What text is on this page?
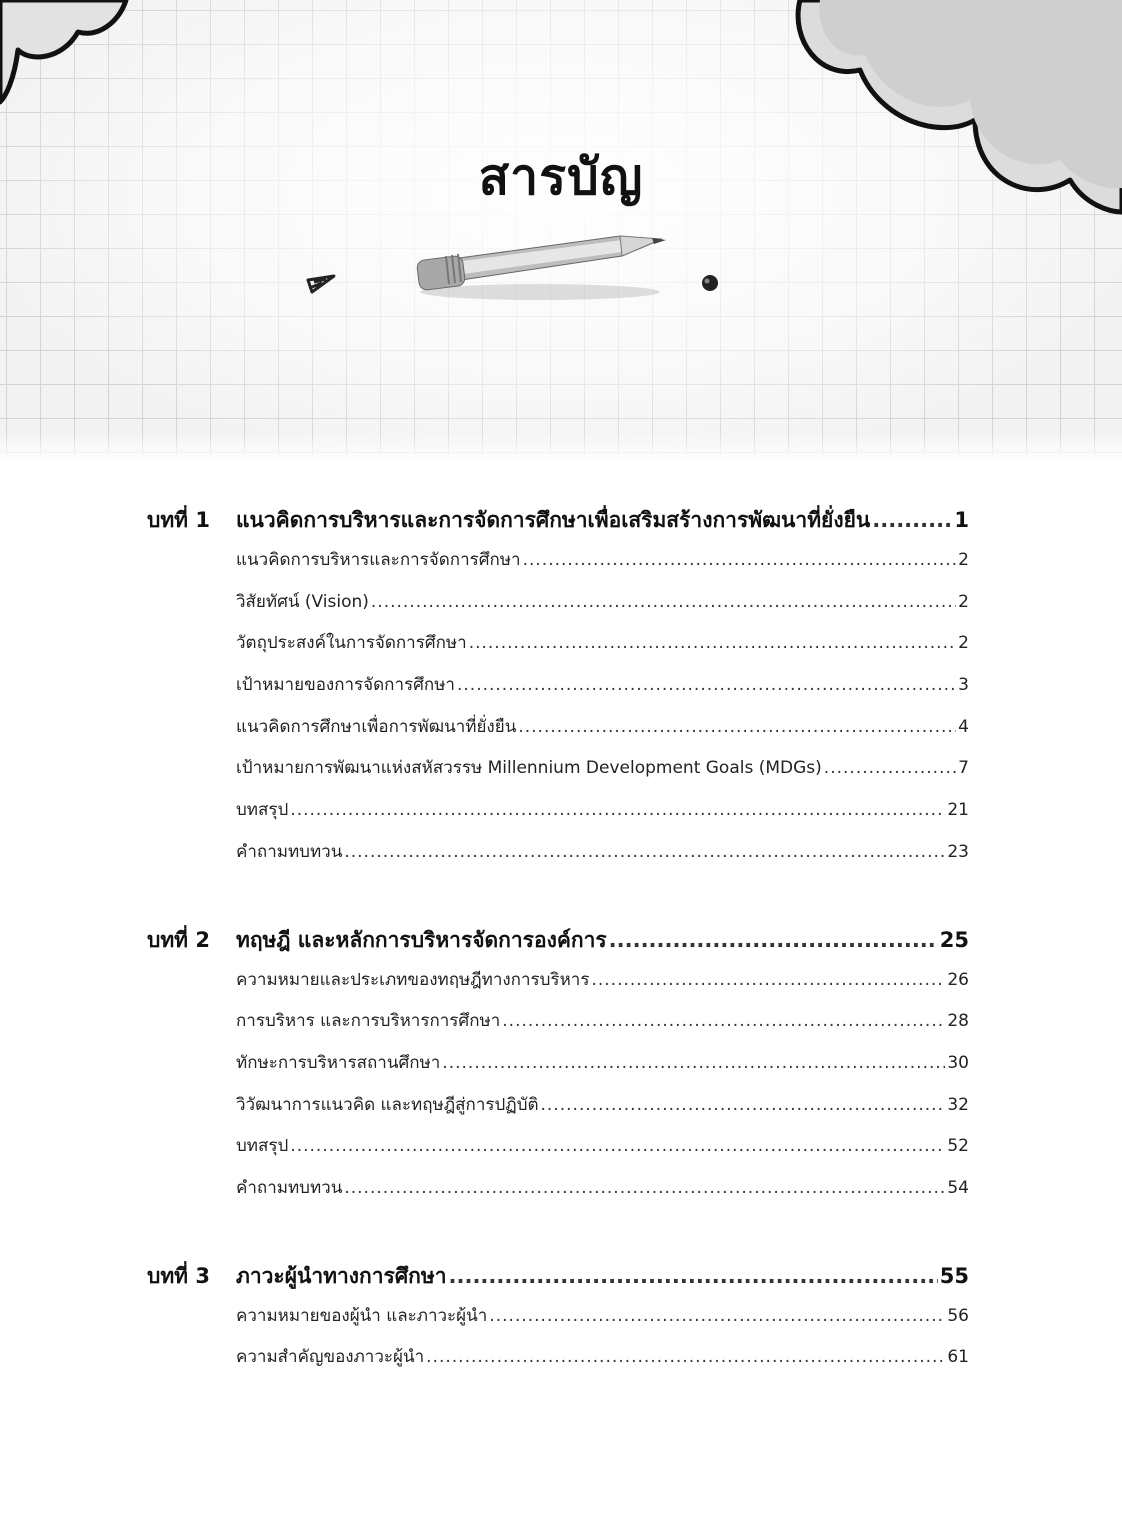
สารบัญ
บทที่ 1	แนวคิดการบริหารและการจัดการศึกษาเพื่อเสริมสร้างการพัฒนาที่ยั่งยืน .....	1
แนวคิดการบริหารและการจัดการศึกษา .....	2
วิสัยทัศน์ (Vision) .....	2
วัตถุประสงค์ในการจัดการศึกษา .....	2
เป้าหมายของการจัดการศึกษา .....	3
แนวคิดการศึกษาเพื่อการพัฒนาที่ยั่งยืน .....	4
เป้าหมายการพัฒนาแห่งสหัสวรรษ Millennium Development Goals (MDGs) .....	7
บทสรุป .....	21
คำถามทบทวน .....	23
บทที่ 2	ทฤษฎี และหลักการบริหารจัดการองค์การ .....	25
ความหมายและประเภทของทฤษฎีทางการบริหาร .....	26
การบริหาร และการบริหารการศึกษา .....	28
ทักษะการบริหารสถานศึกษา .....	30
วิวัฒนาการแนวคิด และทฤษฎีสู่การปฏิบัติ .....	32
บทสรุป .....	52
คำถามทบทวน .....	54
บทที่ 3	ภาวะผู้นำทางการศึกษา .....	55
ความหมายของผู้นำ และภาวะผู้นำ .....	56
ความสำคัญของภาวะผู้นำ .....	61
